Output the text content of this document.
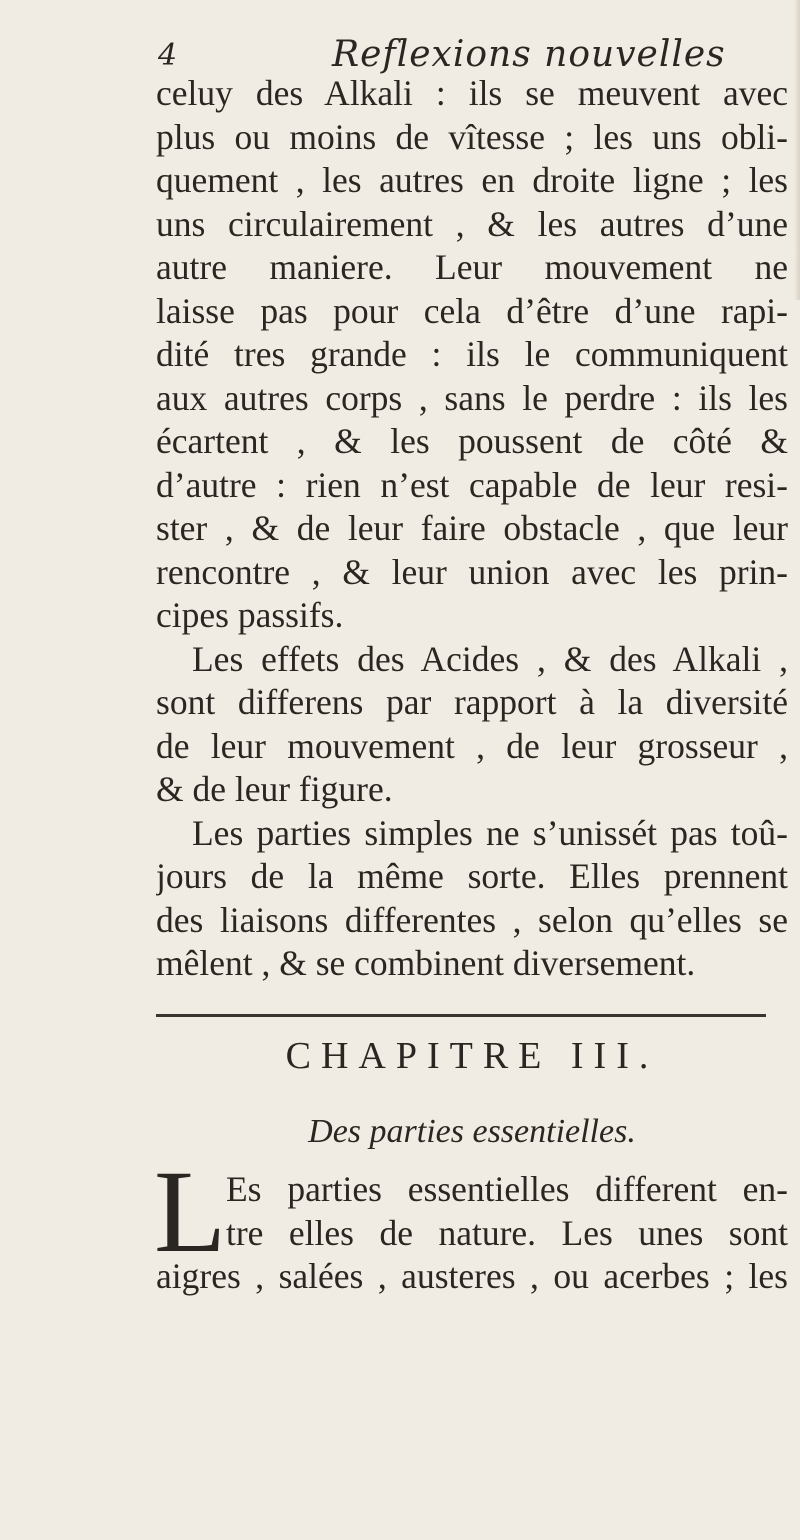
4	Reflexions nouvelles
celuy des Alkali : ils se meuvent avec
plus ou moins de vîtesse ; les uns obli-
quement , les autres en droite ligne ; les
uns circulairement , & les autres d’une
autre maniere. Leur mouvement ne
laisse pas pour cela d’être d’une rapi-
dité tres grande : ils le communiquent
aux autres corps , sans le perdre : ils les
écartent , & les poussent de côté &
d’autre : rien n’est capable de leur resi-
ster , & de leur faire obstacle , que leur
rencontre , & leur union avec les prin-
cipes passifs.
Les effets des Acides , & des Alkali ,
sont differens par rapport à la diversité
de leur mouvement , de leur grosseur ,
& de leur figure.
Les parties simples ne s’unissét pas toû-
jours de la même sorte. Elles prennent
des liaisons differentes , selon qu’elles se
mêlent , & se combinent diversement.
CHAPITRE III.
Des parties essentielles.
L Es parties essentielles different en-
tre elles de nature. Les unes sont
aigres , salées , austeres , ou acerbes ; les
